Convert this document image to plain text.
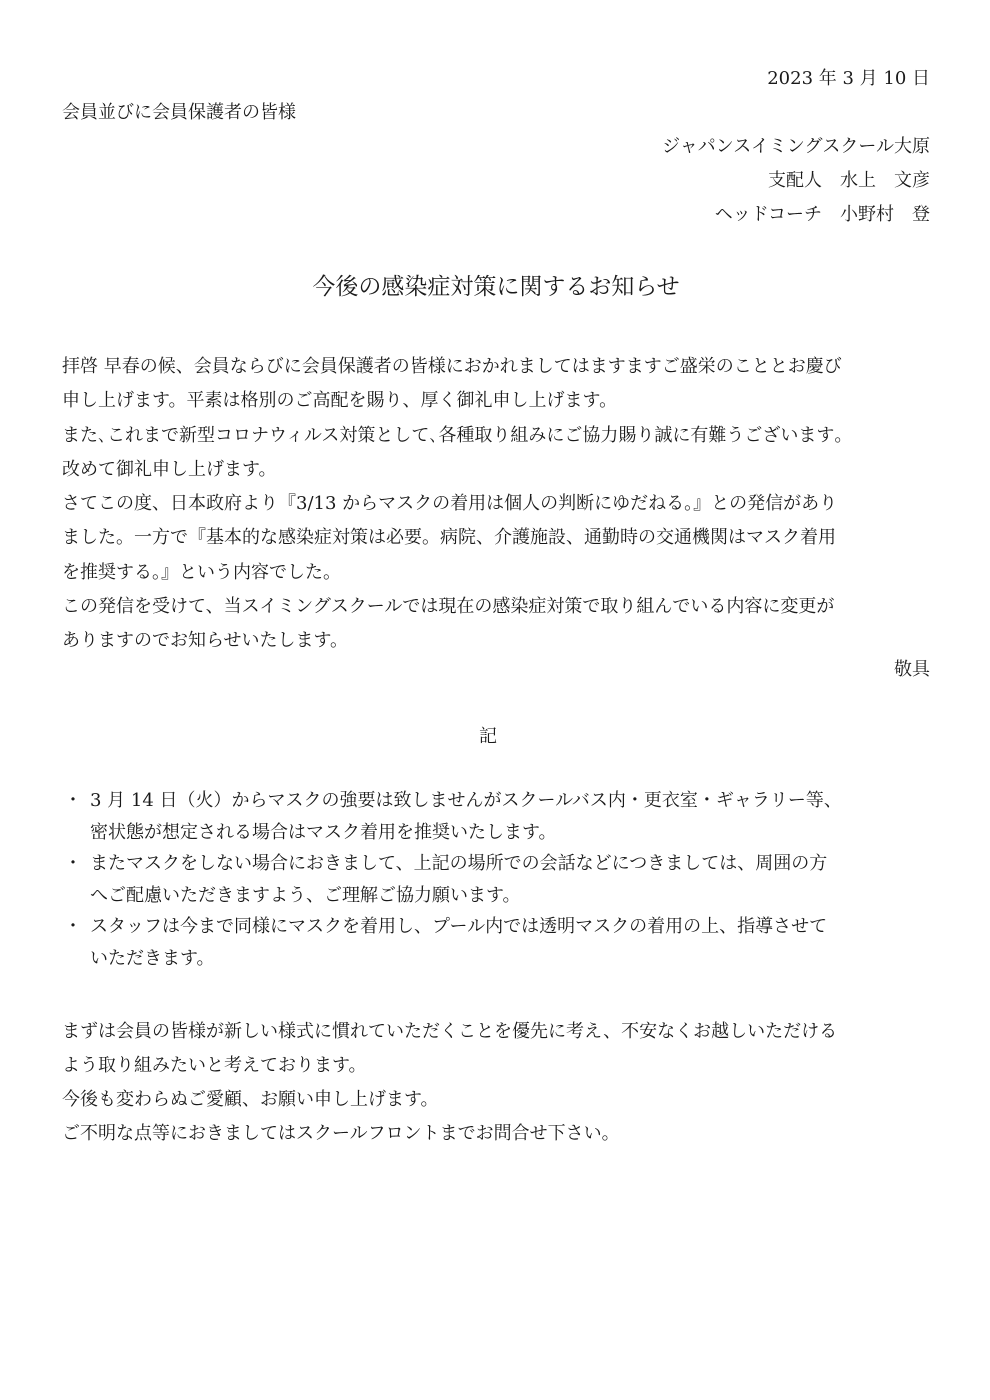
2023 年 3 月 10 日
会員並びに会員保護者の皆様
ジャパンスイミングスクール大原
支配人　水上　文彦
ヘッドコーチ　小野村　登
今後の感染症対策に関するお知らせ
拝啓 早春の候、会員ならびに会員保護者の皆様におかれましてはますますご盛栄のこととお慶び
申し上げます。平素は格別のご高配を賜り、厚く御礼申し上げます。
また､これまで新型コロナウィルス対策として､各種取り組みにご協力賜り誠に有難うございます｡
改めて御礼申し上げます。
さてこの度、日本政府より『3/13 からマスクの着用は個人の判断にゆだねる。』との発信があり
ました。一方で『基本的な感染症対策は必要。病院、介護施設、通勤時の交通機関はマスク着用
を推奨する。』という内容でした。
この発信を受けて、当スイミングスクールでは現在の感染症対策で取り組んでいる内容に変更が
ありますのでお知らせいたします。
敬具
記
・ 3 月 14 日（火）からマスクの強要は致しませんがスクールバス内・更衣室・ギャラリー等、
密状態が想定される場合はマスク着用を推奨いたします。
・ またマスクをしない場合におきまして、上記の場所での会話などにつきましては、周囲の方
へご配慮いただきますよう、ご理解ご協力願います。
・ スタッフは今まで同様にマスクを着用し、プール内では透明マスクの着用の上、指導させて
いただきます。
まずは会員の皆様が新しい様式に慣れていただくことを優先に考え、不安なくお越しいただける
よう取り組みたいと考えております。
今後も変わらぬご愛顧、お願い申し上げます。
ご不明な点等におきましてはスクールフロントまでお問合せ下さい。
